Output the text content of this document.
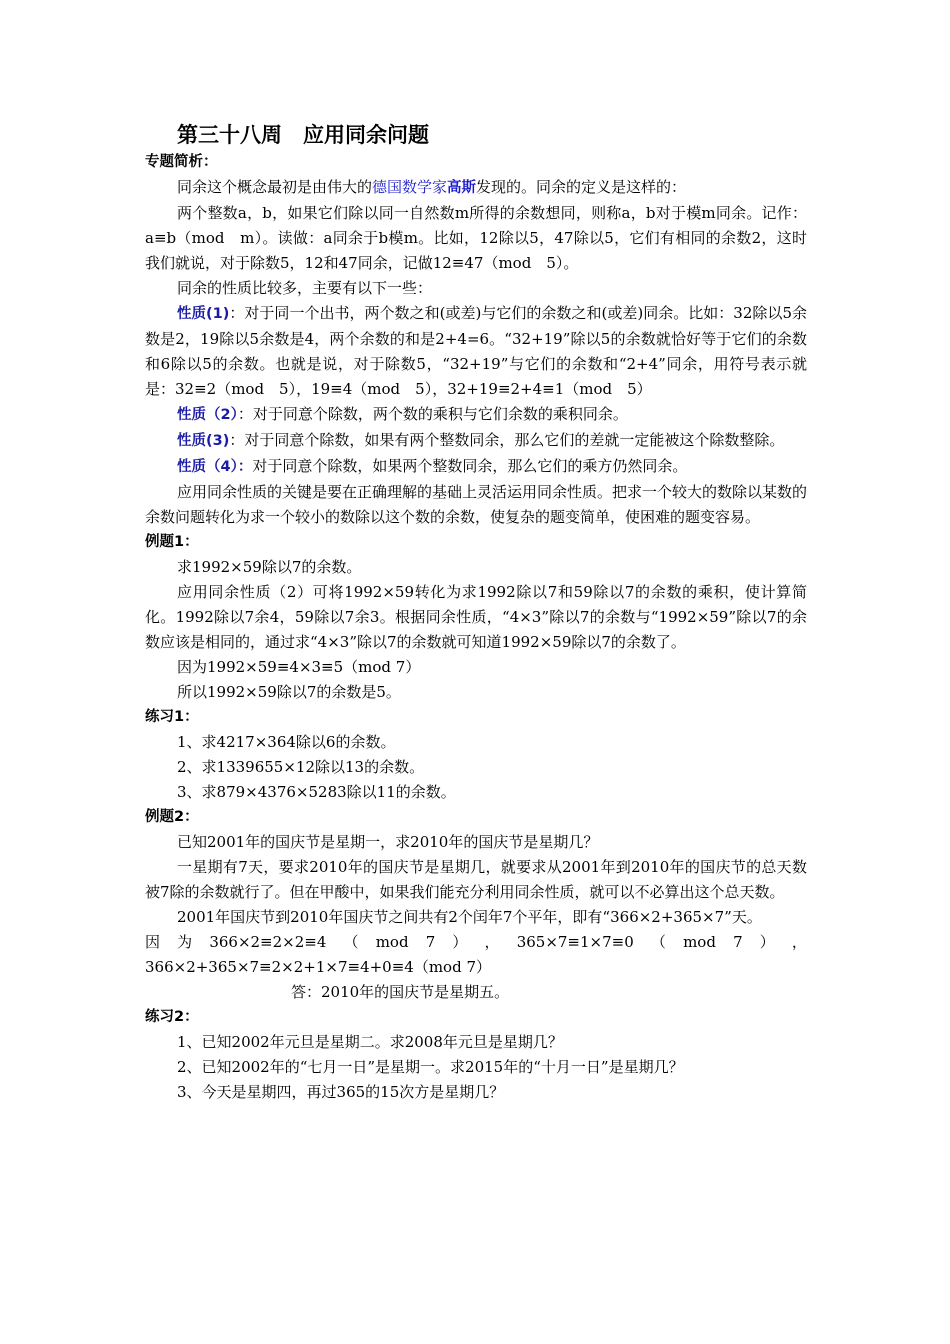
第三十八周　应用同余问题
专题简析：

同余这个概念最初是由伟大的德国数学家高斯发现的。同余的定义是这样的：

两个整数a，b，如果它们除以同一自然数m所得的余数想同，则称a，b对于模m同余。记作：a≡b（mod　m）。读做：a同余于b模m。比如，12除以5，47除以5，它们有相同的余数2，这时我们就说，对于除数5，12和47同余，记做12≡47（mod　5）。

同余的性质比较多，主要有以下一些：

性质(1)：对于同一个出书，两个数之和(或差)与它们的余数之和(或差)同余。比如：32除以5余数是2，19除以5余数是4，两个余数的和是2+4=6。“32+19”除以5的余数就恰好等于它们的余数和6除以5的余数。也就是说，对于除数5，“32+19”与它们的余数和“2+4”同余，用符号表示就是：32≡2（mod　5），19≡4（mod　5），32+19≡2+4≡1（mod　5）

性质（2）：对于同意个除数，两个数的乘积与它们余数的乘积同余。

性质(3)：对于同意个除数，如果有两个整数同余，那么它们的差就一定能被这个除数整除。

性质（4）：对于同意个除数，如果两个整数同余，那么它们的乘方仍然同余。

应用同余性质的关键是要在正确理解的基础上灵活运用同余性质。把求一个较大的数除以某数的余数问题转化为求一个较小的数除以这个数的余数，使复杂的题变简单，使困难的题变容易。

例题1：

求1992×59除以7的余数。

应用同余性质（2）可将1992×59转化为求1992除以7和59除以7的余数的乘积，使计算简化。1992除以7余4，59除以7余3。根据同余性质，“4×3”除以7的余数与“1992×59”除以7的余数应该是相同的，通过求“4×3”除以7的余数就可知道1992×59除以7的余数了。

因为1992×59≡4×3≡5（mod 7）

所以1992×59除以7的余数是5。

练习1：

1、求4217×364除以6的余数。

2、求1339655×12除以13的余数。

3、求879×4376×5283除以11的余数。

例题2：

已知2001年的国庆节是星期一，求2010年的国庆节是星期几？

一星期有7天，要求2010年的国庆节是星期几，就要求从2001年到2010年的国庆节的总天数被7除的余数就行了。但在甲酸中，如果我们能充分利用同余性质，就可以不必算出这个总天数。

2001年国庆节到2010年国庆节之间共有2个闰年7个平年，即有“366×2+365×7”天。

因 为 366×2≡2×2≡4 （ mod 7 ） ， 365×7≡1×7≡0 （ mod 7 ） ，

366×2+365×7≡2×2+1×7≡4+0≡4（mod 7）

答：2010年的国庆节是星期五。

练习2：

1、已知2002年元旦是星期二。求2008年元旦是星期几？

2、已知2002年的“七月一日”是星期一。求2015年的“十月一日”是星期几？

3、今天是星期四，再过365的15次方是星期几？
